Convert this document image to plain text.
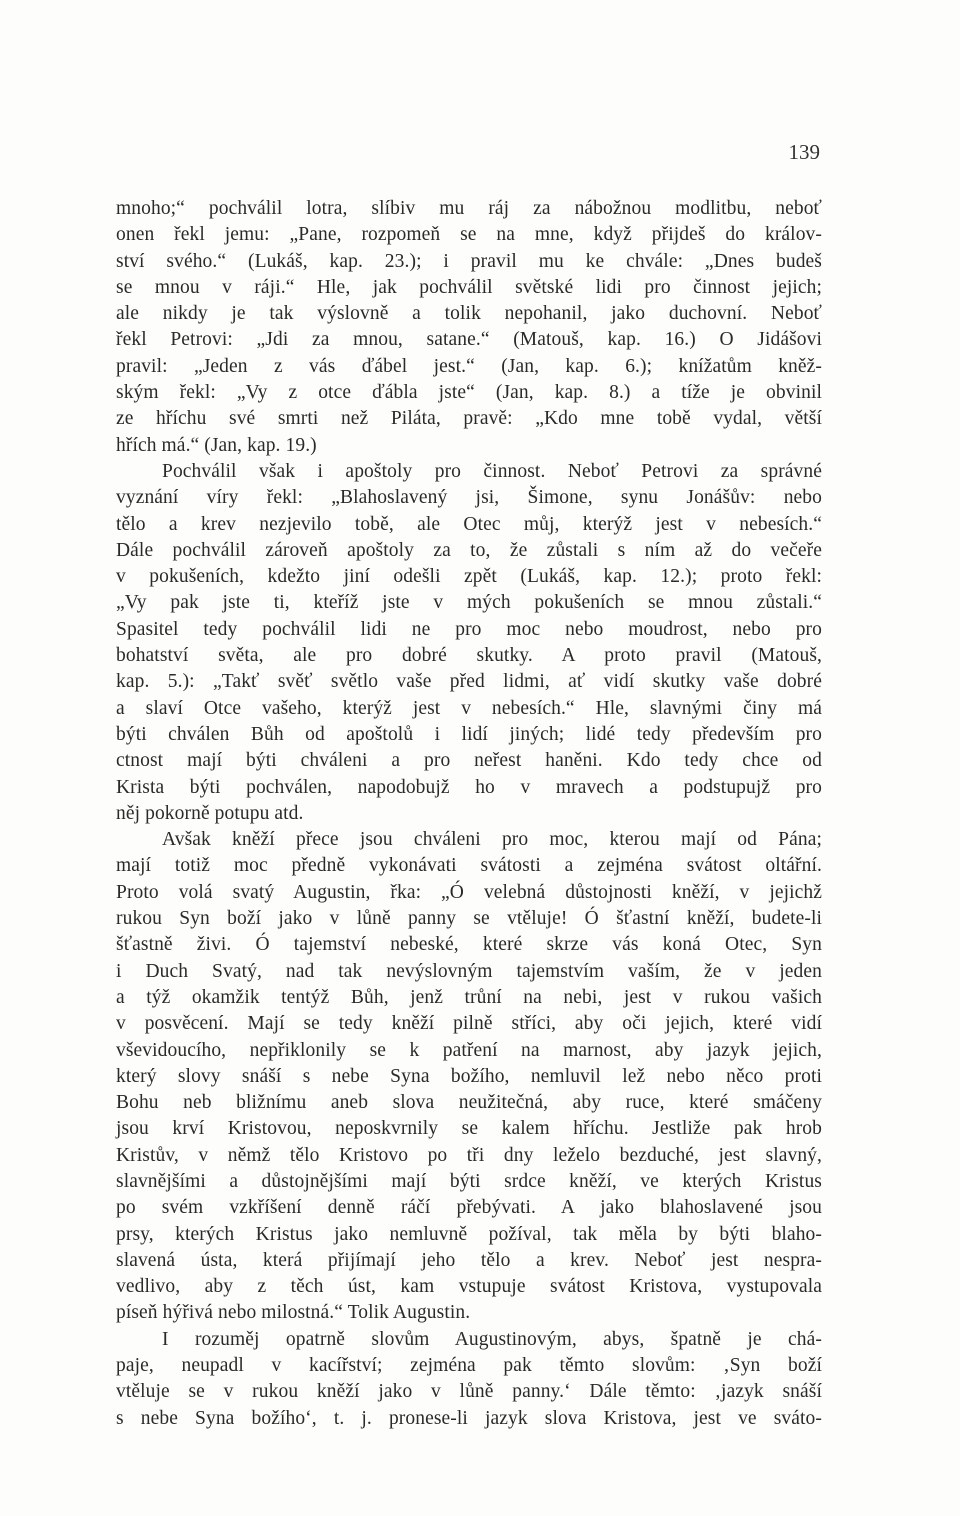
139
mnoho;“ pochválil lotra, slíbiv mu ráj za nábožnou modlitbu, neboť
onen řekl jemu: „Pane, rozpomeň se na mne, když přijdeš do králov-
ství svého.“ (Lukáš, kap. 23.); i pravil mu ke chvále: „Dnes budeš
se mnou v ráji.“ Hle, jak pochválil světské lidi pro činnost jejich;
ale nikdy je tak výslovně a tolik nepohanil, jako duchovní. Neboť
řekl Petrovi: „Jdi za mnou, satane.“ (Matouš, kap. 16.) O Jidášovi
pravil: „Jeden z vás ďábel jest.“ (Jan, kap. 6.); knížatům kněž-
ským řekl: „Vy z otce ďábla jste“ (Jan, kap. 8.) a tíže je obvinil
ze hříchu své smrti než Piláta, pravě: „Kdo mne tobě vydal, větší
hřích má.“ (Jan, kap. 19.)
Pochválil však i apoštoly pro činnost. Neboť Petrovi za správné
vyznání víry řekl: „Blahoslavený jsi, Šimone, synu Jonášův: nebo
tělo a krev nezjevilo tobě, ale Otec můj, kterýž jest v nebesích.“
Dále pochválil zároveň apoštoly za to, že zůstali s ním až do večeře
v pokušeních, kdežto jiní odešli zpět (Lukáš, kap. 12.); proto řekl:
„Vy pak jste ti, kteříž jste v mých pokušeních se mnou zůstali.“
Spasitel tedy pochválil lidi ne pro moc nebo moudrost, nebo pro
bohatství světa, ale pro dobré skutky. A proto pravil (Matouš,
kap. 5.): „Takť svěť světlo vaše před lidmi, ať vidí skutky vaše dobré
a slaví Otce vašeho, kterýž jest v nebesích.“ Hle, slavnými činy má
býti chválen Bůh od apoštolů i lidí jiných; lidé tedy především pro
ctnost mají býti chváleni a pro neřest haněni. Kdo tedy chce od
Krista býti pochválen, napodobujž ho v mravech a podstupujž pro
něj pokorně potupu atd.
Avšak kněží přece jsou chváleni pro moc, kterou mají od Pána;
mají totiž moc předně vykonávati svátosti a zejména svátost oltářní.
Proto volá svatý Augustin, řka: „Ó velebná důstojnosti kněží, v jejichž
rukou Syn boží jako v lůně panny se vtěluje! Ó šťastní kněží, budete-li
šťastně živi. Ó tajemství nebeské, které skrze vás koná Otec, Syn
i Duch Svatý, nad tak nevýslovným tajemstvím vaším, že v jeden
a týž okamžik tentýž Bůh, jenž trůní na nebi, jest v rukou vašich
v posvěcení. Mají se tedy kněží pilně stříci, aby oči jejich, které vidí
vševidoucího, nepřiklonily se k patření na marnost, aby jazyk jejich,
který slovy snáší s nebe Syna božího, nemluvil lež nebo něco proti
Bohu neb bližnímu aneb slova neužitečná, aby ruce, které smáčeny
jsou krví Kristovou, neposkvrnily se kalem hříchu. Jestliže pak hrob
Kristův, v němž tělo Kristovo po tři dny leželo bezduché, jest slavný,
slavnějšími a důstojnějšími mají býti srdce kněží, ve kterých Kristus
po svém vzkříšení denně ráčí přebývati. A jako blahoslavené jsou
prsy, kterých Kristus jako nemluvně požíval, tak měla by býti blaho-
slavená ústa, která přijímají jeho tělo a krev. Neboť jest nespra-
vedlivo, aby z těch úst, kam vstupuje svátost Kristova, vystupovala
píseň hýřivá nebo milostná.“ Tolik Augustin.
I rozuměj opatrně slovům Augustinovým, abys, špatně je chá-
paje, neupadl v kacířství; zejména pak těmto slovům: ‚Syn boží
vtěluje se v rukou kněží jako v lůně panny.‘ Dále těmto: ‚jazyk snáší
s nebe Syna božího‘, t. j. pronese-li jazyk slova Kristova, jest ve sváto-
